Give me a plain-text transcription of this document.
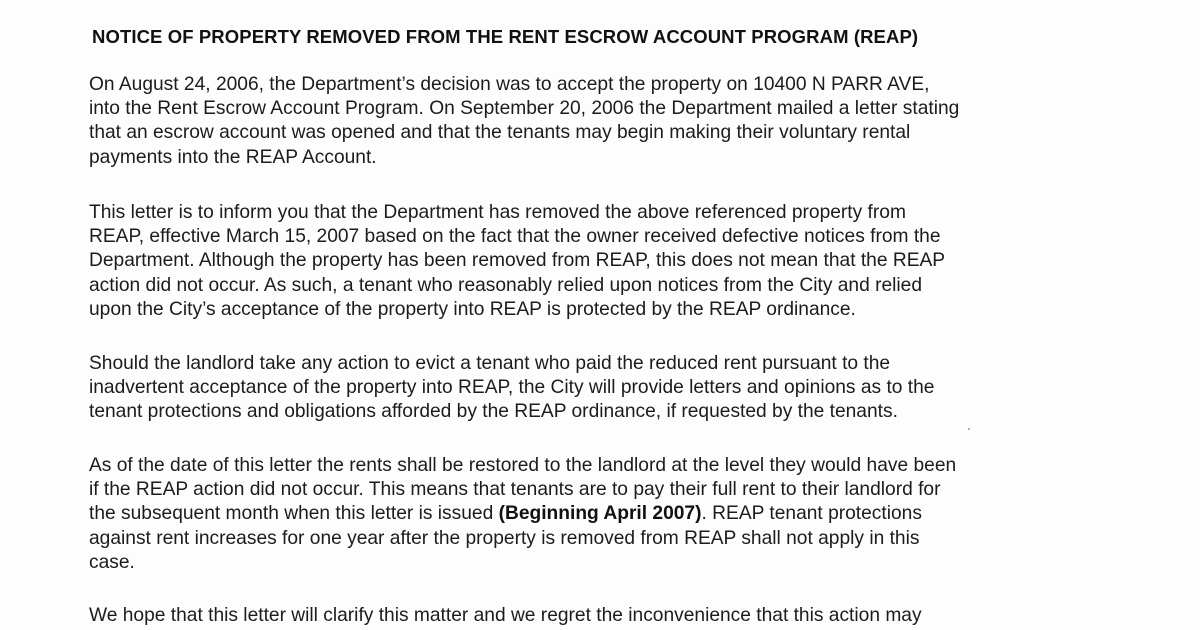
NOTICE OF PROPERTY REMOVED FROM THE RENT ESCROW ACCOUNT PROGRAM (REAP)
On August 24, 2006, the Department’s decision was to accept the property on 10400 N PARR AVE,
into the Rent Escrow Account Program. On September 20, 2006 the Department mailed a letter stating
that an escrow account was opened and that the tenants may begin making their voluntary rental
payments into the REAP Account.
This letter is to inform you that the Department has removed the above referenced property from
REAP, effective March 15, 2007 based on the fact that the owner received defective notices from the
Department. Although the property has been removed from REAP, this does not mean that the REAP
action did not occur. As such, a tenant who reasonably relied upon notices from the City and relied
upon the City’s acceptance of the property into REAP is protected by the REAP ordinance.
Should the landlord take any action to evict a tenant who paid the reduced rent pursuant to the
inadvertent acceptance of the property into REAP, the City will provide letters and opinions as to the
tenant protections and obligations afforded by the REAP ordinance, if requested by the tenants.
As of the date of this letter the rents shall be restored to the landlord at the level they would have been
if the REAP action did not occur. This means that tenants are to pay their full rent to their landlord for
the subsequent month when this letter is issued (Beginning April 2007). REAP tenant protections
against rent increases for one year after the property is removed from REAP shall not apply in this
case.
We hope that this letter will clarify this matter and we regret the inconvenience that this action may
